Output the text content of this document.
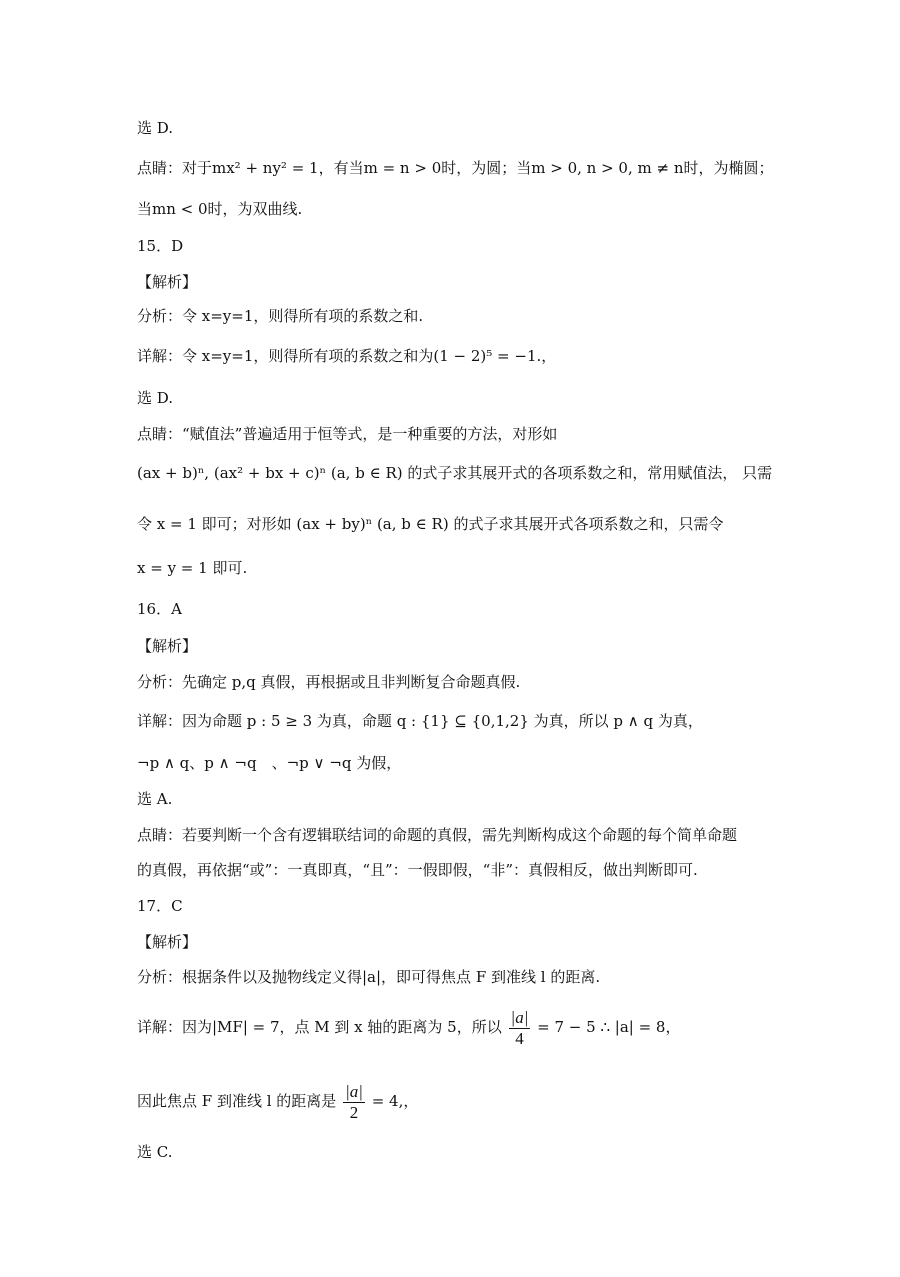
选 D.
点睛：对于mx² + ny² = 1，有当m = n > 0时，为圆；当m > 0, n > 0, m ≠ n时，为椭圆；
当mn < 0时，为双曲线.
15．D
【解析】
分析：令 x=y=1，则得所有项的系数之和.
详解：令 x=y=1，则得所有项的系数之和为(1 − 2)⁵ = −1.，
选 D.
点睛：“赋值法”普遍适用于恒等式，是一种重要的方法，对形如
(ax + b)ⁿ, (ax² + bx + c)ⁿ (a, b ∈ R) 的式子求其展开式的各项系数之和，常用赋值法， 只需
令 x = 1 即可；对形如 (ax + by)ⁿ (a, b ∈ R) 的式子求其展开式各项系数之和，只需令
x = y = 1 即可.
16．A
【解析】
分析：先确定 p,q 真假，再根据或且非判断复合命题真假.
详解：因为命题 p : 5 ≥ 3 为真，命题 q : {1} ⊆ {0,1,2} 为真，所以 p ∧ q 为真，
¬p ∧ q、p ∧ ¬q　、¬p ∨ ¬q 为假，
选 A.
点睛：若要判断一个含有逻辑联结词的命题的真假，需先判断构成这个命题的每个简单命题
的真假，再依据“或”：一真即真，“且”：一假即假，“非”：真假相反，做出判断即可.
17．C
【解析】
分析：根据条件以及抛物线定义得|a|，即可得焦点 F 到准线 l 的距离.
详解：因为|MF| = 7，点 M 到 x 轴的距离为 5，所以 $\frac{|a|}{4} = 7 - 5$ ∴ |a| = 8，
因此焦点 F 到准线 l 的距离是 $\frac{|a|}{2} = 4$,，
选 C.
